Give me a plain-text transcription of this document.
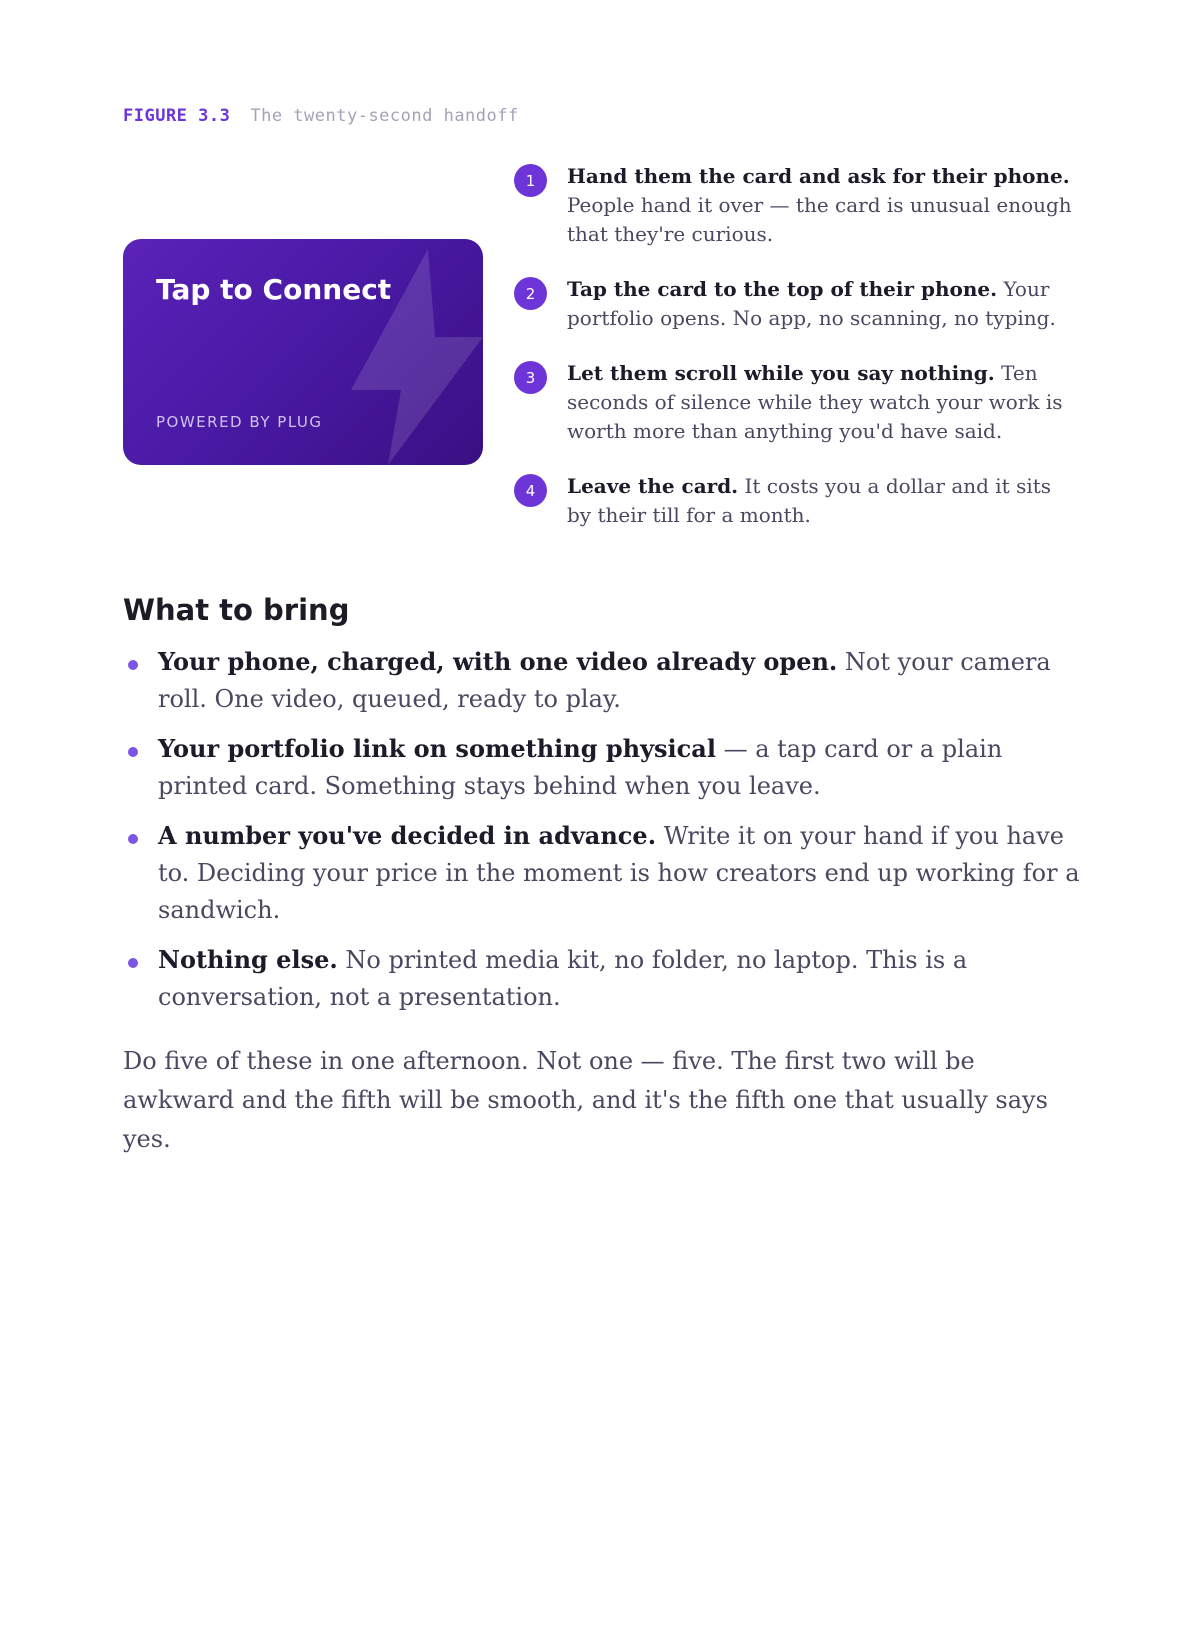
FIGURE 3.3 The twenty-second handoff
Tap to Connect
POWERED BY PLUG
1	Hand them the card and ask for their phone. People hand it over — the card is unusual enough that they're curious.
2	Tap the card to the top of their phone. Your portfolio opens. No app, no scanning, no typing.
3	Let them scroll while you say nothing. Ten seconds of silence while they watch your work is worth more than anything you'd have said.
4	Leave the card. It costs you a dollar and it sits by their till for a month.
What to bring
Your phone, charged, with one video already open. Not your camera roll. One video, queued, ready to play.
Your portfolio link on something physical — a tap card or a plain printed card. Something stays behind when you leave.
A number you've decided in advance. Write it on your hand if you have to. Deciding your price in the moment is how creators end up working for a sandwich.
Nothing else. No printed media kit, no folder, no laptop. This is a conversation, not a presentation.

Do five of these in one afternoon. Not one — five. The first two will be awkward and the fifth will be smooth, and it's the fifth one that usually says yes.
